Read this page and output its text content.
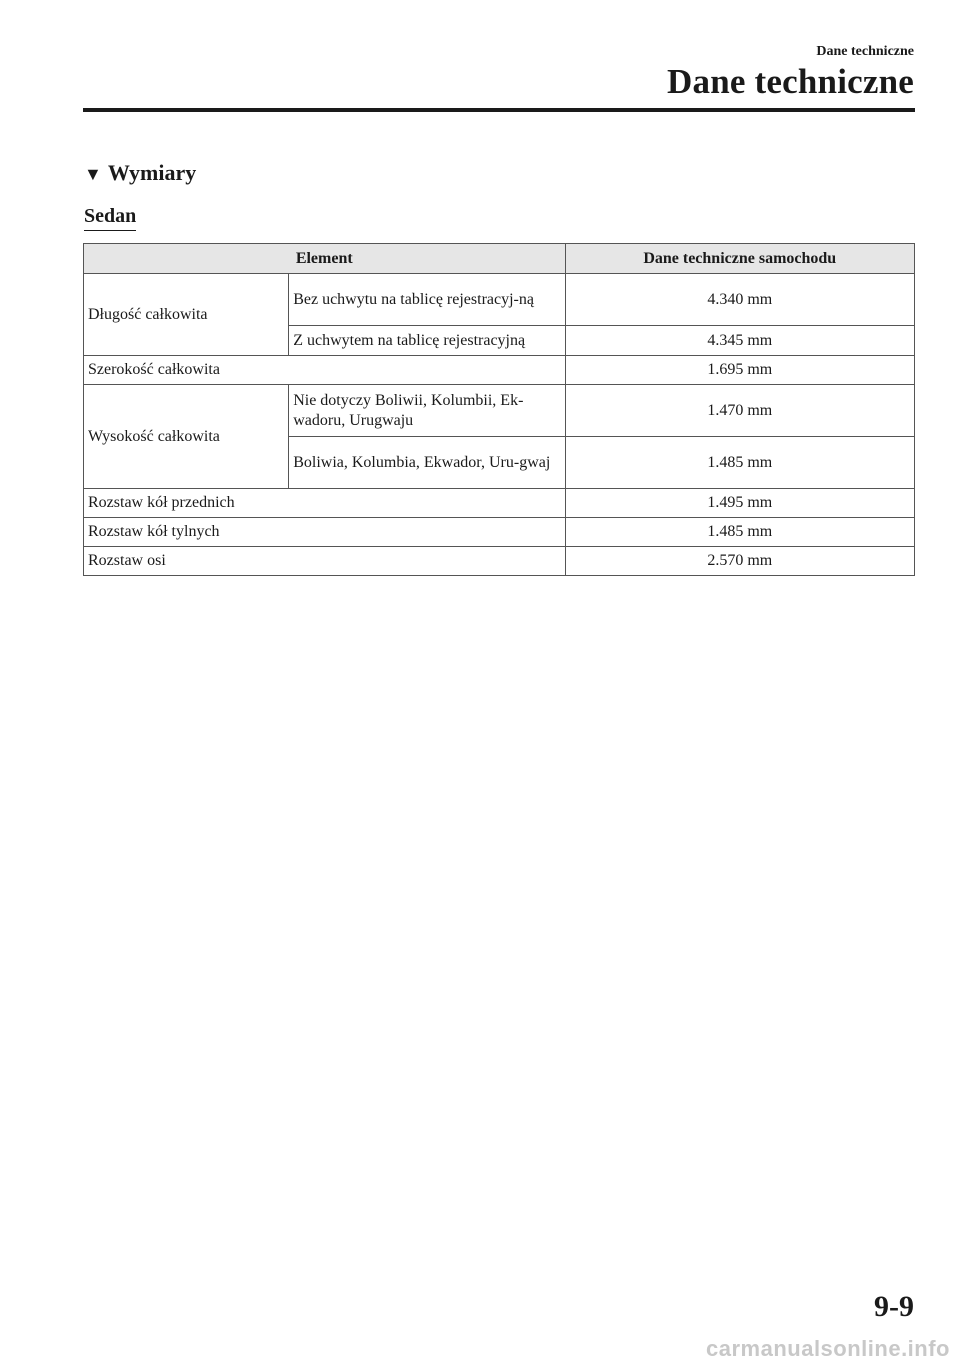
Dane techniczne
Dane techniczne
▼ Wymiary
Sedan
Element		Dane techniczne samochodu
Długość całkowita	Bez uchwytu na tablicę rejestracyj-ną	4.340 mm
	Z uchwytem na tablicę rejestracyjną	4.345 mm
Szerokość całkowita		1.695 mm
Wysokość całkowita	Nie dotyczy Boliwii, Kolumbii, Ek-wadoru, Urugwaju	1.470 mm
	Boliwia, Kolumbia, Ekwador, Uru-gwaj	1.485 mm
Rozstaw kół przednich		1.495 mm
Rozstaw kół tylnych		1.485 mm
Rozstaw osi		2.570 mm
9-9
carmanualsonline.info
